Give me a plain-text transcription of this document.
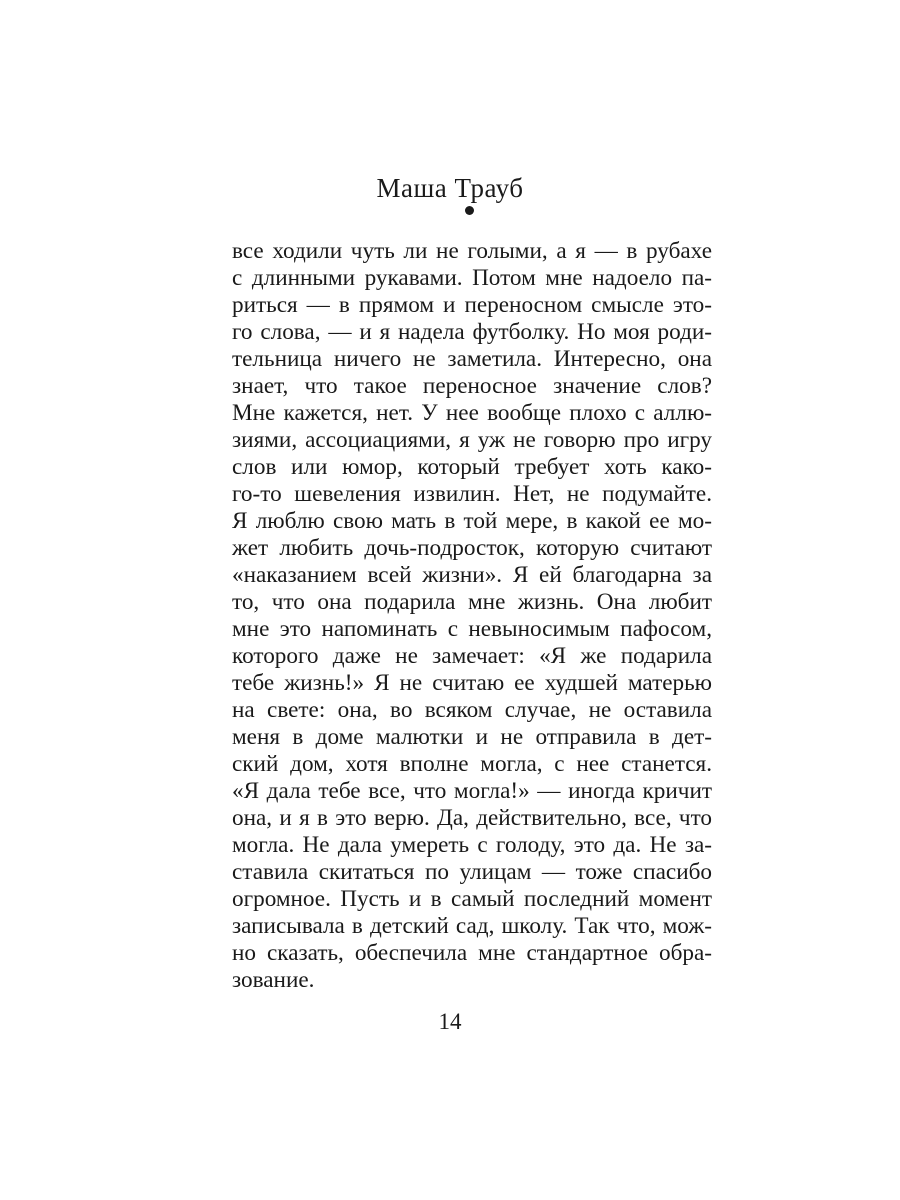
Маша Трауб
все ходили чуть ли не голыми, а я — в рубахе
с длинными рукавами. Потом мне надоело па-
риться — в прямом и переносном смысле это-
го слова, — и я надела футболку. Но моя роди-
тельница ничего не заметила. Интересно, она
знает, что такое переносное значение слов?
Мне кажется, нет. У нее вообще плохо с аллю-
зиями, ассоциациями, я уж не говорю про игру
слов или юмор, который требует хоть како-
го-то шевеления извилин. Нет, не подумайте.
Я люблю свою мать в той мере, в какой ее мо-
жет любить дочь-подросток, которую считают
«наказанием всей жизни». Я ей благодарна за
то, что она подарила мне жизнь. Она любит
мне это напоминать с невыносимым пафосом,
которого даже не замечает: «Я же подарила
тебе жизнь!» Я не считаю ее худшей матерью
на свете: она, во всяком случае, не оставила
меня в доме малютки и не отправила в дет-
ский дом, хотя вполне могла, с нее станется.
«Я дала тебе все, что могла!» — иногда кричит
она, и я в это верю. Да, действительно, все, что
могла. Не дала умереть с голоду, это да. Не за-
ставила скитаться по улицам — тоже спасибо
огромное. Пусть и в самый последний момент
записывала в детский сад, школу. Так что, мож-
но сказать, обеспечила мне стандартное обра-
зование.
14
